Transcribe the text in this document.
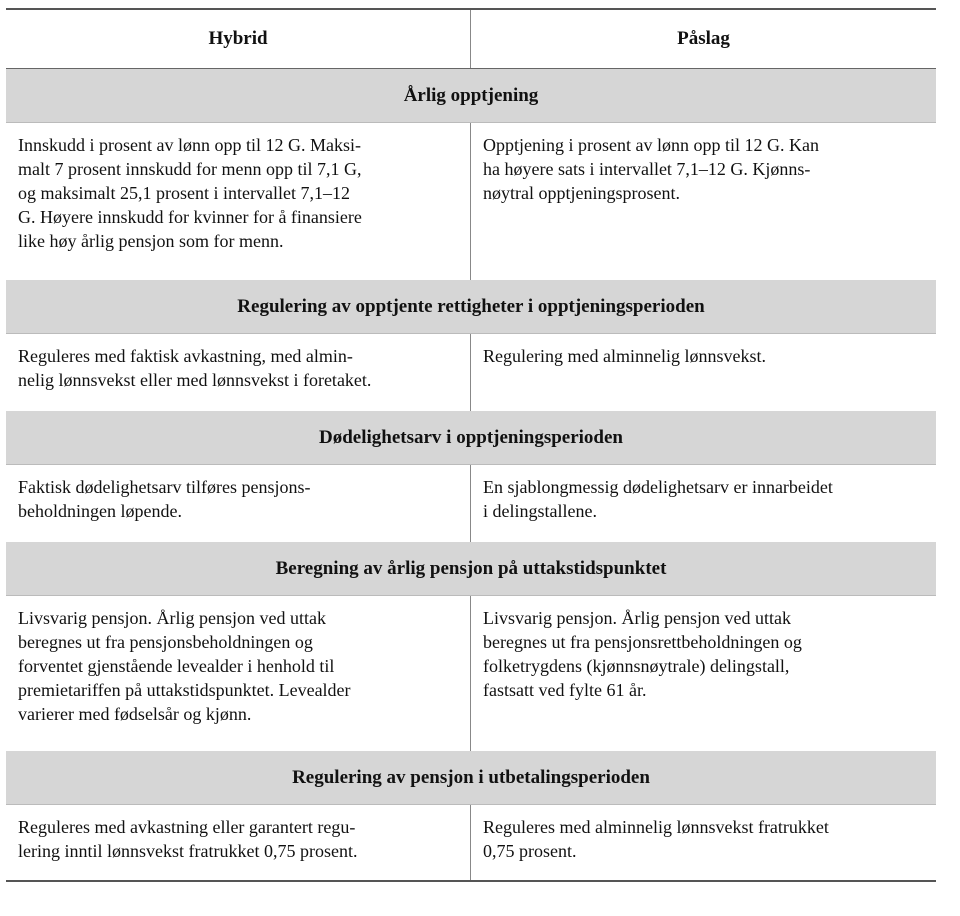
Hybrid	Påslag
Årlig opptjening
Innskudd i prosent av lønn opp til 12 G. Maksi-
malt 7 prosent innskudd for menn opp til 7,1 G,
og maksimalt 25,1 prosent i intervallet 7,1–12
G. Høyere innskudd for kvinner for å finansiere
like høy årlig pensjon som for menn.
Opptjening i prosent av lønn opp til 12 G. Kan
ha høyere sats i intervallet 7,1–12 G. Kjønns-
nøytral opptjeningsprosent.
Regulering av opptjente rettigheter i opptjeningsperioden
Reguleres med faktisk avkastning, med almin-
nelig lønnsvekst eller med lønnsvekst i foretaket.
Regulering med alminnelig lønnsvekst.
Dødelighetsarv i opptjeningsperioden
Faktisk dødelighetsarv tilføres pensjons-
beholdningen løpende.
En sjablongmessig dødelighetsarv er innarbeidet
i delingstallene.
Beregning av årlig pensjon på uttakstidspunktet
Livsvarig pensjon. Årlig pensjon ved uttak
beregnes ut fra pensjonsbeholdningen og
forventet gjenstående levealder i henhold til
premietariffen på uttakstidspunktet. Levealder
varierer med fødselsår og kjønn.
Livsvarig pensjon. Årlig pensjon ved uttak
beregnes ut fra pensjonsrettbeholdningen og
folketrygdens (kjønnsnøytrale) delingstall,
fastsatt ved fylte 61 år.
Regulering av pensjon i utbetalingsperioden
Reguleres med avkastning eller garantert regu-
lering inntil lønnsvekst fratrukket 0,75 prosent.
Reguleres med alminnelig lønnsvekst fratrukket
0,75 prosent.
